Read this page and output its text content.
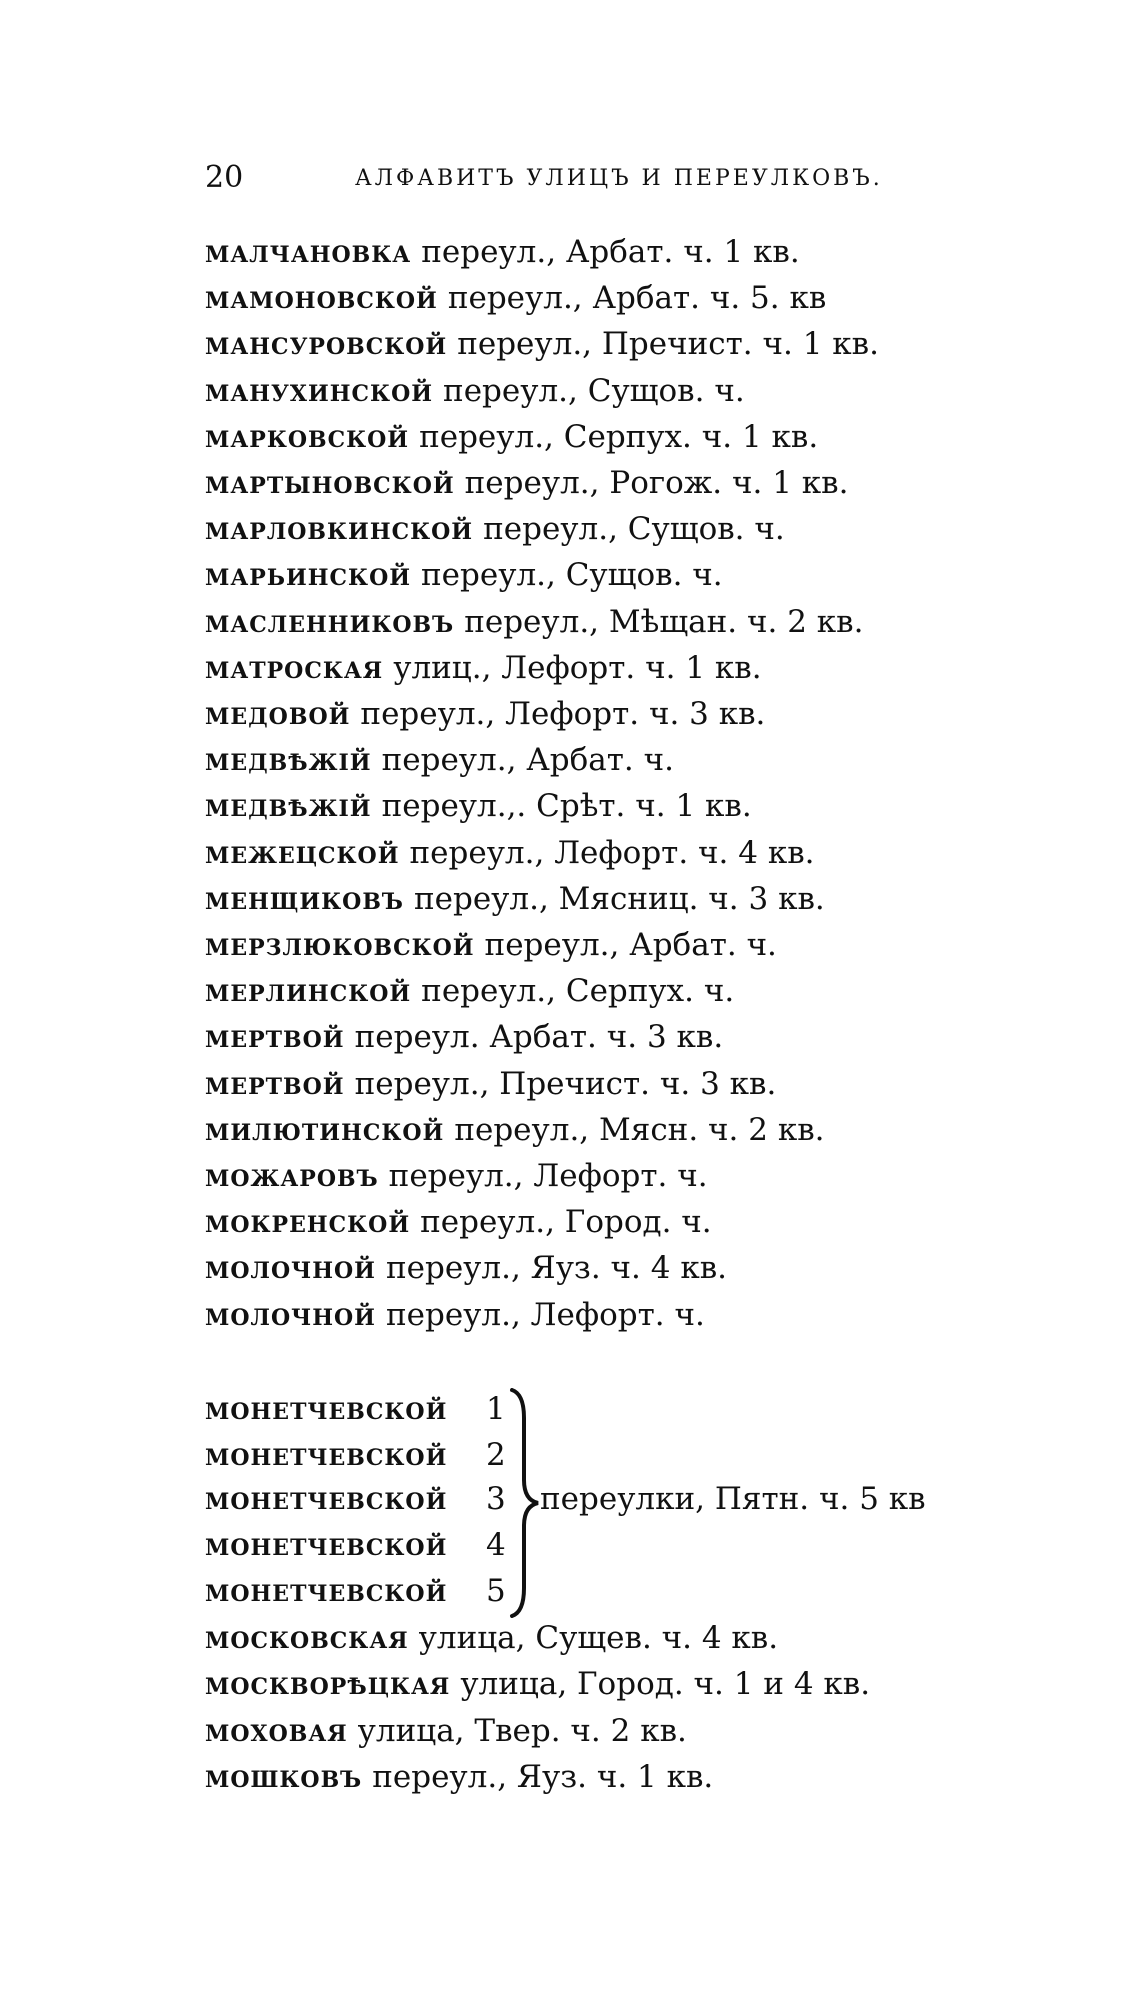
20	АЛФАВИТЪ УЛИЦЪ И ПЕРЕУЛКОВЪ.
малчановка переул., Арбат. ч. 1 кв.
мамоновской переул., Арбат. ч. 5. кв
мансуровской переул., Пречист. ч. 1 кв.
манухинской переул., Сущов. ч.
марковской переул., Серпух. ч. 1 кв.
мартыновской переул., Рогож. ч. 1 кв.
марловкинской переул., Сущов. ч.
марьинской переул., Сущов. ч.
масленниковъ переул., Мѣщан. ч. 2 кв.
матроская улиц., Лефорт. ч. 1 кв.
медовой переул., Лефорт. ч. 3 кв.
медвѣжій переул., Арбат. ч.
медвѣжій переул.,. Срѣт. ч. 1 кв.
межецской переул., Лефорт. ч. 4 кв.
менщиковъ переул., Мясниц. ч. 3 кв.
мерзлюковской переул., Арбат. ч.
мерлинской переул., Серпух. ч.
мертвой переул. Арбат. ч. 3 кв.
мертвой переул., Пречист. ч. 3 кв.
милютинской переул., Мясн. ч. 2 кв.
можаровъ переул., Лефорт. ч.
мокренской переул., Город. ч.
молочной переул., Яуз. ч. 4 кв.
молочной переул., Лефорт. ч.
монетчевской 1
монетчевской 2
монетчевской 3
монетчевской 4
монетчевской 5
переулки, Пятн. ч. 5 кв
московская улица, Сущев. ч. 4 кв.
москворѣцкая улица, Город. ч. 1 и 4 кв.
моховая улица, Твер. ч. 2 кв.
мошковъ переул., Яуз. ч. 1 кв.
